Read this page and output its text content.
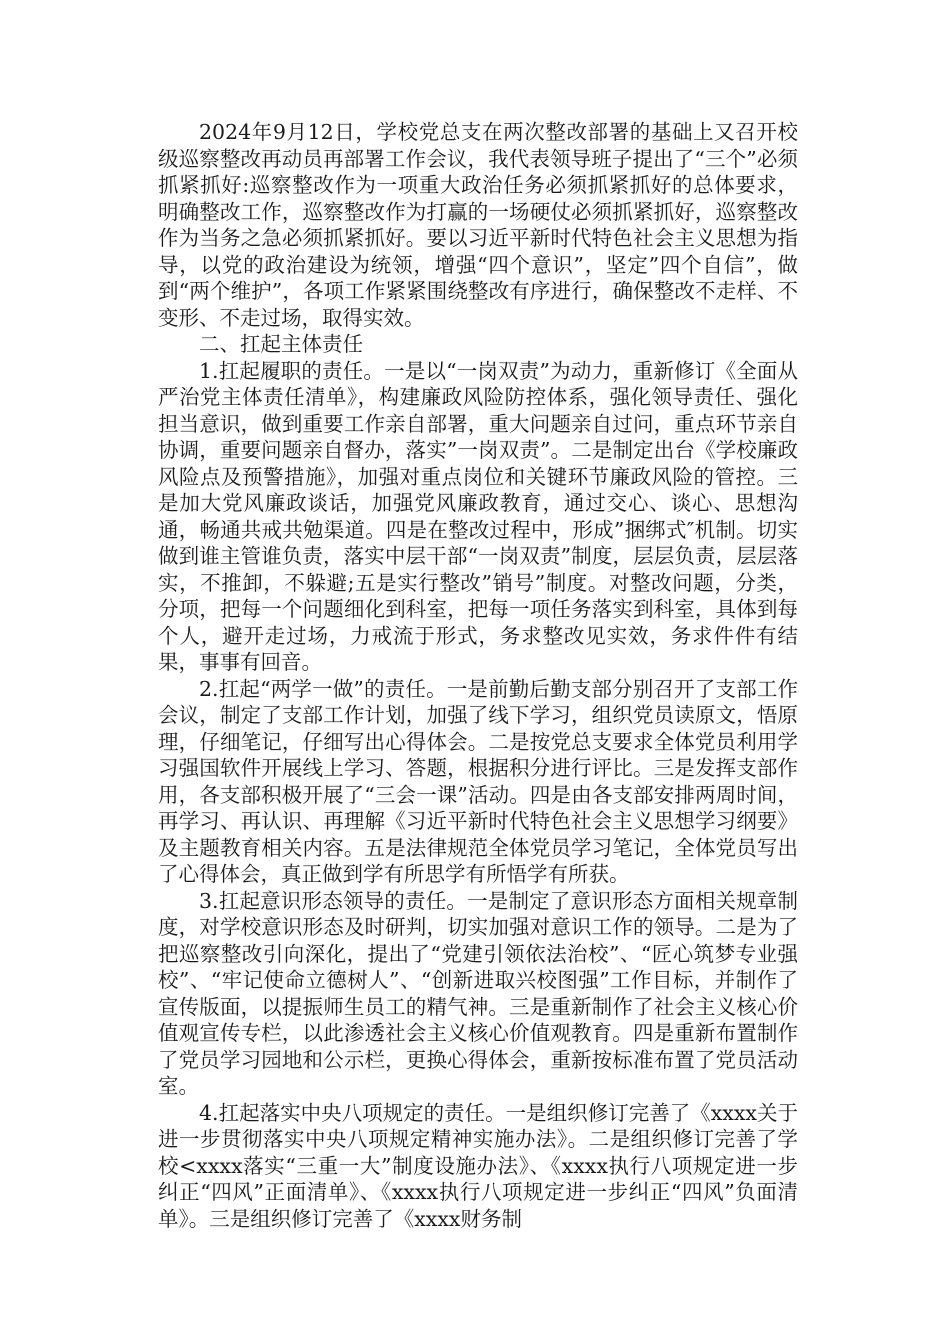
2024年9月12日，学校党总支在两次整改部署的基础上又召开校级巡察整改再动员再部署工作会议，我代表领导班子提出了“三个”必须抓紧抓好:巡察整改作为一项重大政治任务必须抓紧抓好的总体要求，明确整改工作，巡察整改作为打赢的一场硬仗必须抓紧抓好，巡察整改作为当务之急必须抓紧抓好。要以习近平新时代特色社会主义思想为指导，以党的政治建设为统领，增强“四个意识”，坚定”四个自信”，做到“两个维护”，各项工作紧紧围绕整改有序进行，确保整改不走样、不变形、不走过场，取得实效。

二、扛起主体责任

1.扛起履职的责任。一是以“一岗双责”为动力，重新修订《全面从严治党主体责任清单》，构建廉政风险防控体系，强化领导责任、强化担当意识，做到重要工作亲自部署，重大问题亲自过问，重点环节亲自协调，重要问题亲自督办，落实”一岗双责”。二是制定出台《学校廉政风险点及预警措施》，加强对重点岗位和关键环节廉政风险的管控。三是加大党风廉政谈话，加强党风廉政教育，通过交心、谈心、思想沟通，畅通共戒共勉渠道。四是在整改过程中，形成”捆绑式″机制。切实做到谁主管谁负责，落实中层干部“一岗双责”制度，层层负责，层层落实，不推卸，不躲避;五是实行整改”销号”制度。对整改问题，分类，分项，把每一个问题细化到科室，把每一项任务落实到科室，具体到每个人，避开走过场，力戒流于形式，务求整改见实效，务求件件有结果，事事有回音。

2.扛起“两学一做”的责任。一是前勤后勤支部分别召开了支部工作会议，制定了支部工作计划，加强了线下学习，组织党员读原文，悟原理，仔细笔记，仔细写出心得体会。二是按党总支要求全体党员利用学习强国软件开展线上学习、答题，根据积分进行评比。三是发挥支部作用，各支部积极开展了“三会一课”活动。四是由各支部安排两周时间，再学习、再认识、再理解《习近平新时代特色社会主义思想学习纲要》及主题教育相关内容。五是法律规范全体党员学习笔记，全体党员写出了心得体会，真正做到学有所思学有所悟学有所获。

3.扛起意识形态领导的责任。一是制定了意识形态方面相关规章制度，对学校意识形态及时研判，切实加强对意识工作的领导。二是为了把巡察整改引向深化，提出了“党建引领依法治校”、“匠心筑梦专业强校”、“牢记使命立德树人”、“创新进取兴校图强”工作目标，并制作了宣传版面，以提振师生员工的精气神。三是重新制作了社会主义核心价值观宣传专栏，以此渗透社会主义核心价值观教育。四是重新布置制作了党员学习园地和公示栏，更换心得体会，重新按标准布置了党员活动室。

4.扛起落实中央八项规定的责任。一是组织修订完善了《xxxx关于进一步贯彻落实中央八项规定精神实施办法》。二是组织修订完善了学校<xxxx落实“三重一大”制度设施办法》、《xxxx执行八项规定进一步纠正“四风”正面清单》、《xxxx执行八项规定进一步纠正“四风”负面清单》。三是组织修订完善了《xxxx财务制
